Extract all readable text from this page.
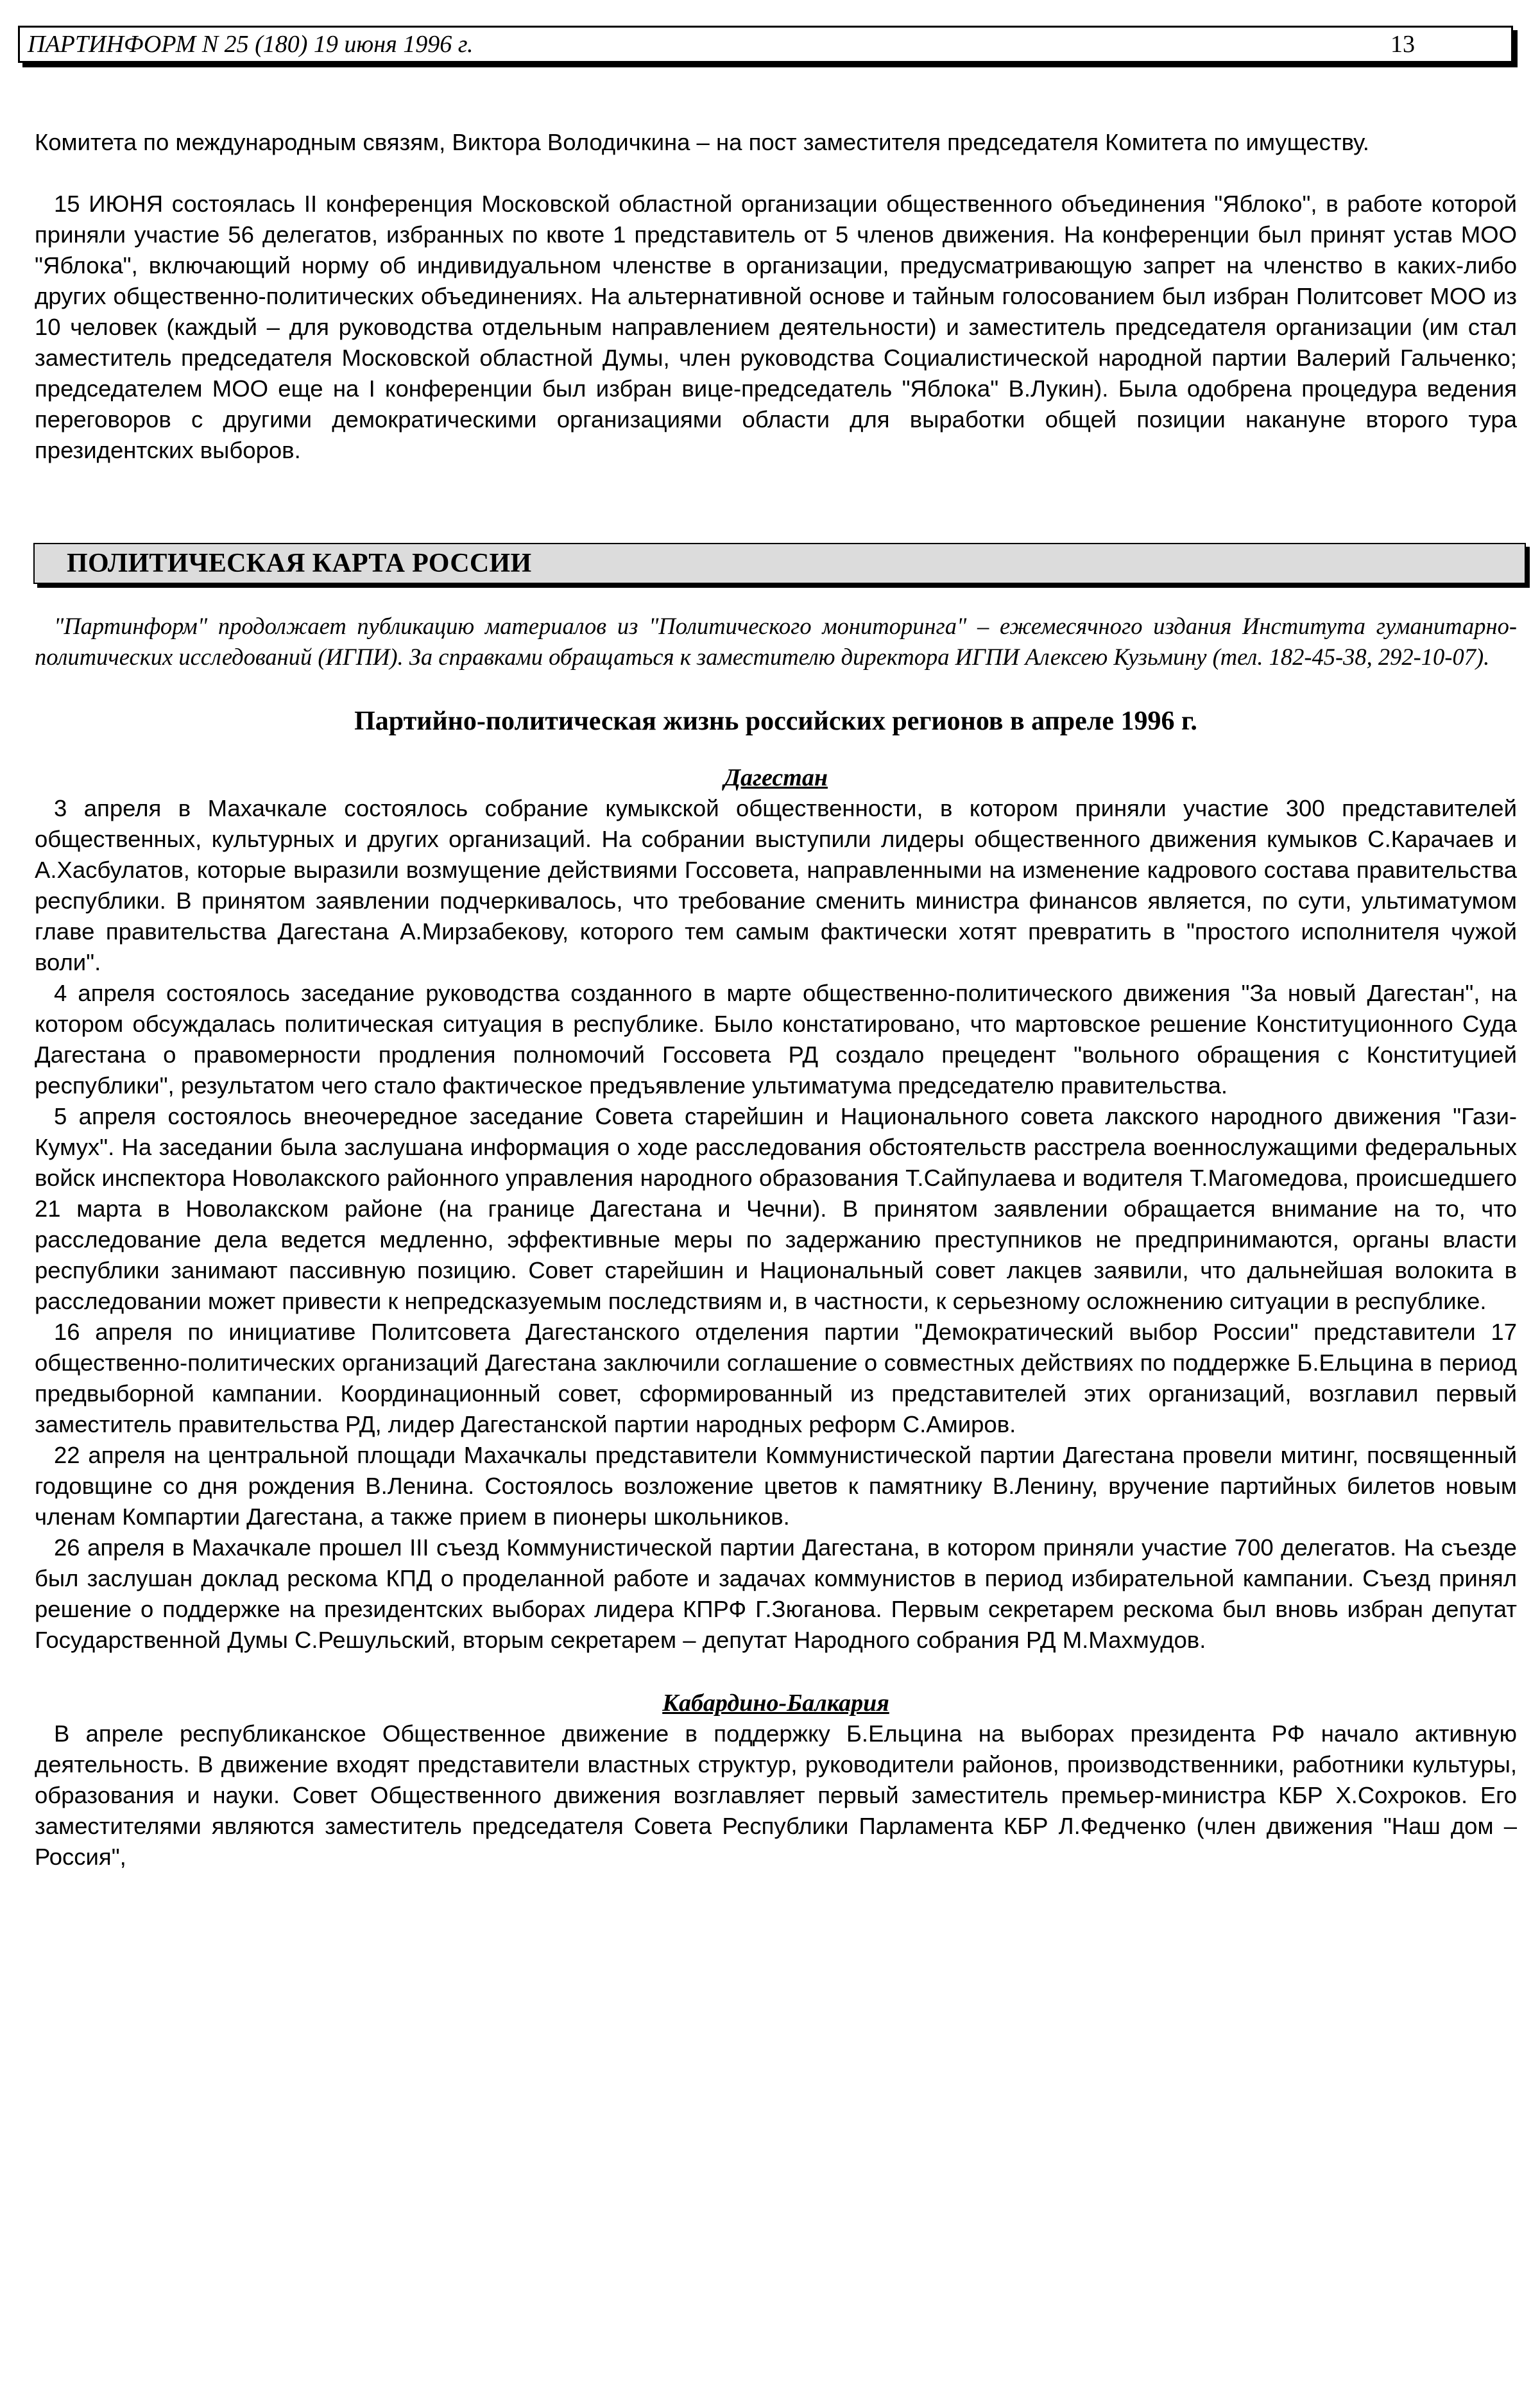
ПАРТИНФОРМ N 25 (180) 19 июня 1996 г.	13

Комитета по международным связям, Виктора Володичкина – на пост заместителя председателя Комитета по имуществу.

15 ИЮНЯ состоялась II конференция Московской областной организации общественного объединения "Яблоко", в работе которой приняли участие 56 делегатов, избранных по квоте 1 представитель от 5 членов движения. На конференции был принят устав МОО "Яблока", включающий норму об индивидуальном членстве в организации, предусматривающую запрет на членство в каких-либо других общественно-политических объединениях. На альтернативной основе и тайным голосованием был избран Политсовет МОО из 10 человек (каждый – для руководства отдельным направлением деятельности) и заместитель председателя организации (им стал заместитель председателя Московской областной Думы, член руководства Социалистической народной партии Валерий Гальченко; председателем МОО еще на I конференции был избран вице-председатель "Яблока" В.Лукин). Была одобрена процедура ведения переговоров с другими демократическими организациями области для выработки общей позиции накануне второго тура президентских выборов.

ПОЛИТИЧЕСКАЯ КАРТА РОССИИ

"Партинформ" продолжает публикацию материалов из "Политического мониторинга" – ежемесячного издания Института гуманитарно-политических исследований (ИГПИ). За справками обращаться к заместителю директора ИГПИ Алексею Кузьмину (тел. 182-45-38, 292-10-07).

Партийно-политическая жизнь российских регионов в апреле 1996 г.

Дагестан

3 апреля в Махачкале состоялось собрание кумыкской общественности, в котором приняли участие 300 представителей общественных, культурных и других организаций. На собрании выступили лидеры общественного движения кумыков С.Карачаев и А.Хасбулатов, которые выразили возмущение действиями Госсовета, направленными на изменение кадрового состава правительства республики. В принятом заявлении подчеркивалось, что требование сменить министра финансов является, по сути, ультиматумом главе правительства Дагестана А.Мирзабекову, которого тем самым фактически хотят превратить в "простого исполнителя чужой воли".

4 апреля состоялось заседание руководства созданного в марте общественно-политического движения "За новый Дагестан", на котором обсуждалась политическая ситуация в республике. Было констатировано, что мартовское решение Конституционного Суда Дагестана о правомерности продления полномочий Госсовета РД создало прецедент "вольного обращения с Конституцией республики", результатом чего стало фактическое предъявление ультиматума председателю правительства.

5 апреля состоялось внеочередное заседание Совета старейшин и Национального совета лакского народного движения "Гази-Кумух". На заседании была заслушана информация о ходе расследования обстоятельств расстрела военнослужащими федеральных войск инспектора Новолакского районного управления народного образования Т.Сайпулаева и водителя Т.Магомедова, происшедшего 21 марта в Новолакском районе (на границе Дагестана и Чечни). В принятом заявлении обращается внимание на то, что расследование дела ведется медленно, эффективные меры по задержанию преступников не предпринимаются, органы власти республики занимают пассивную позицию. Совет старейшин и Национальный совет лакцев заявили, что дальнейшая волокита в расследовании может привести к непредсказуемым последствиям и, в частности, к серьезному осложнению ситуации в республике.

16 апреля по инициативе Политсовета Дагестанского отделения партии "Демократический выбор России" представители 17 общественно-политических организаций Дагестана заключили соглашение о совместных действиях по поддержке Б.Ельцина в период предвыборной кампании. Координационный совет, сформированный из представителей этих организаций, возглавил первый заместитель правительства РД, лидер Дагестанской партии народных реформ С.Амиров.

22 апреля на центральной площади Махачкалы представители Коммунистической партии Дагестана провели митинг, посвященный годовщине со дня рождения В.Ленина. Состоялось возложение цветов к памятнику В.Ленину, вручение партийных билетов новым членам Компартии Дагестана, а также прием в пионеры школьников.

26 апреля в Махачкале прошел III съезд Коммунистической партии Дагестана, в котором приняли участие 700 делегатов. На съезде был заслушан доклад рескома КПД о проделанной работе и задачах коммунистов в период избирательной кампании. Съезд принял решение о поддержке на президентских выборах лидера КПРФ Г.Зюганова. Первым секретарем рескома был вновь избран депутат Государственной Думы С.Решульский, вторым секретарем – депутат Народного собрания РД М.Махмудов.

Кабардино-Балкария

В апреле республиканское Общественное движение в поддержку Б.Ельцина на выборах президента РФ начало активную деятельность. В движение входят представители властных структур, руководители районов, производственники, работники культуры, образования и науки. Совет Общественного движения возглавляет первый заместитель премьер-министра КБР Х.Сохроков. Его заместителями являются заместитель председателя Совета Республики Парламента КБР Л.Федченко (член движения "Наш дом – Россия",
